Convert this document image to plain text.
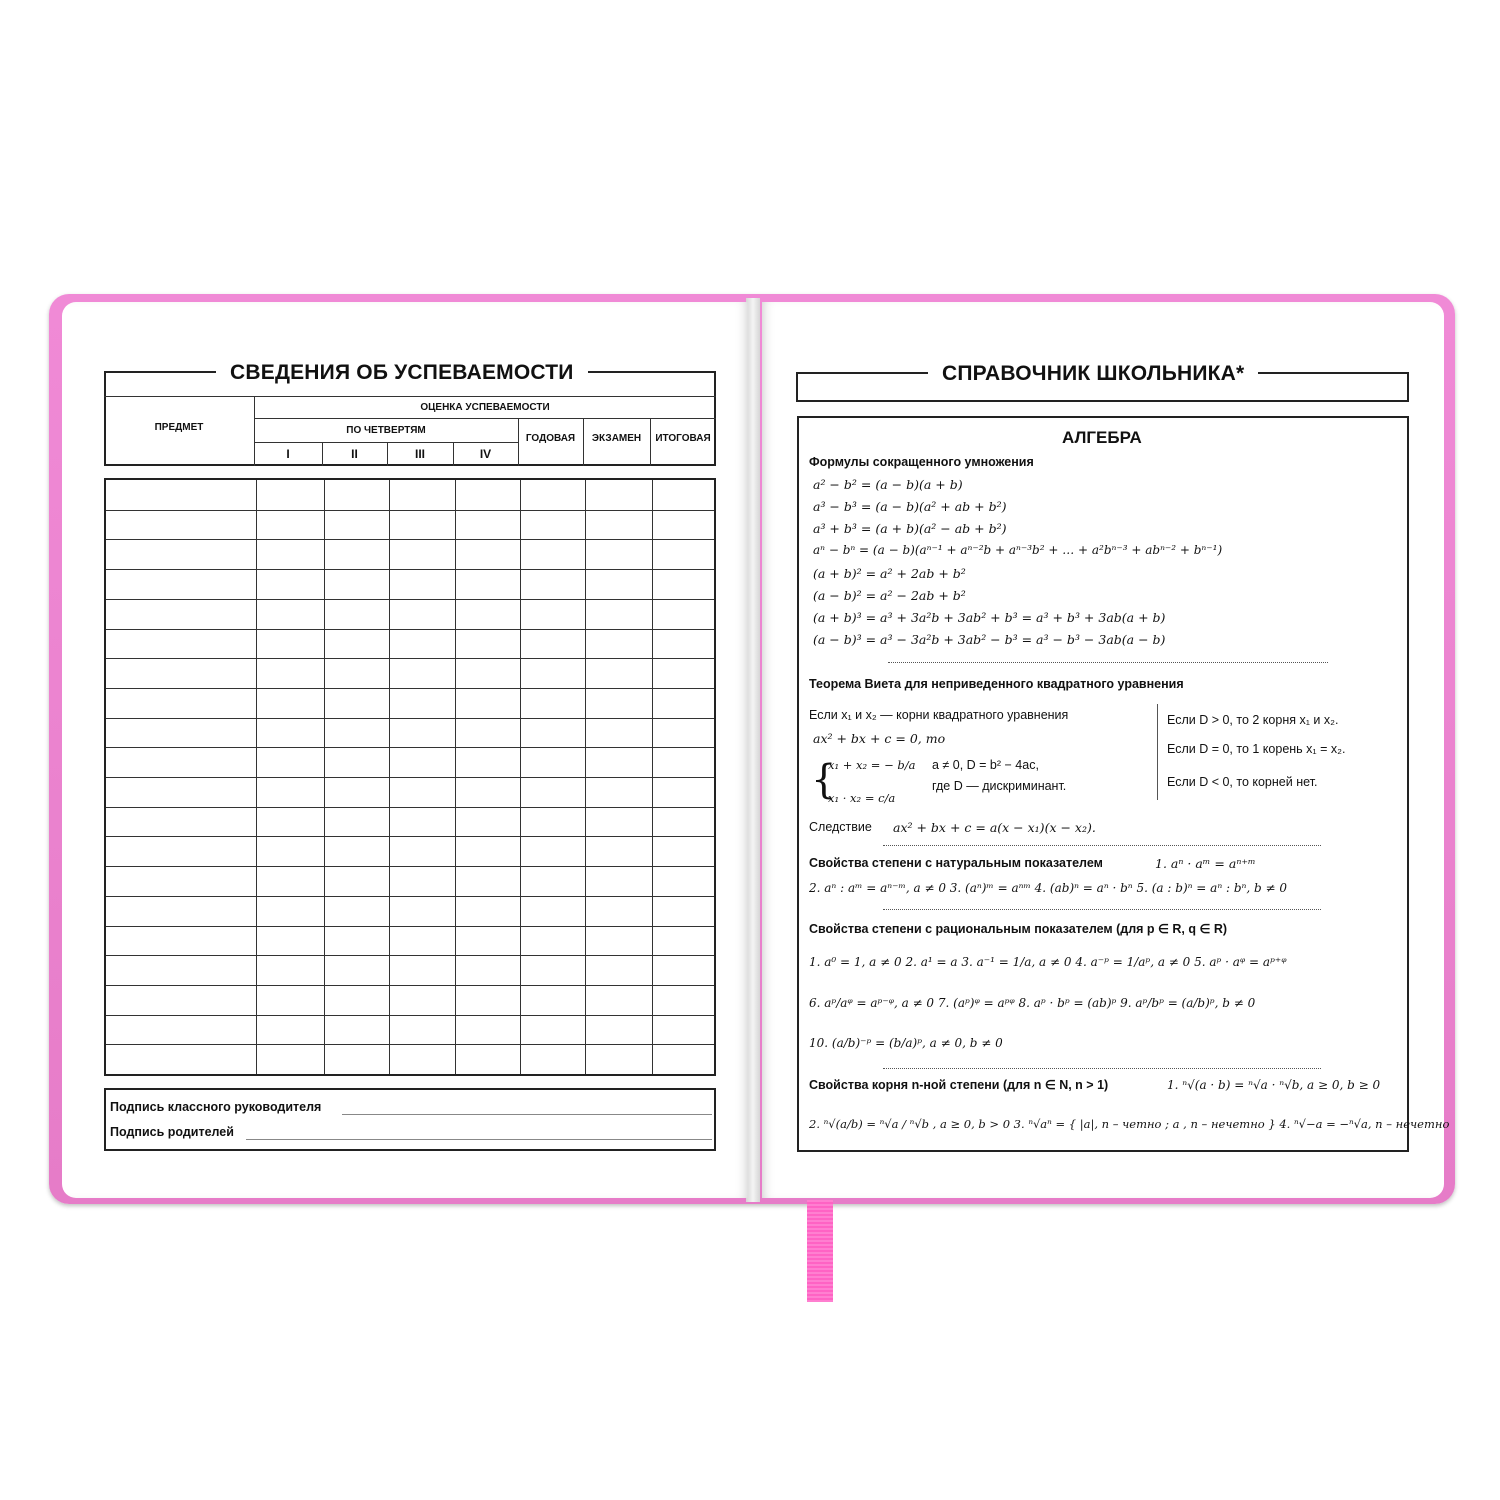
СВЕДЕНИЯ ОБ УСПЕВАЕМОСТИ
ПРЕДМЕТ
ОЦЕНКА УСПЕВАЕМОСТИ
ПО ЧЕТВЕРТЯМ
I	II	III	IV
ГОДОВАЯ	ЭКЗАМЕН	ИТОГОВАЯ
Подпись классного руководителя
Подпись родителей
СПРАВОЧНИК ШКОЛЬНИКА*
АЛГЕБРА
Формулы сокращенного умножения
a² − b² = (a − b)(a + b)
a³ − b³ = (a − b)(a² + ab + b²)
a³ + b³ = (a + b)(a² − ab + b²)
aⁿ − bⁿ = (a − b)(aⁿ⁻¹ + aⁿ⁻²b + aⁿ⁻³b² + … + a²bⁿ⁻³ + abⁿ⁻² + bⁿ⁻¹)
(a + b)² = a² + 2ab + b²
(a − b)² = a² − 2ab + b²
(a + b)³ = a³ + 3a²b + 3ab² + b³ = a³ + b³ + 3ab(a + b)
(a − b)³ = a³ − 3a²b + 3ab² − b³ = a³ − b³ − 3ab(a − b)
Теорема Виета для неприведенного квадратного уравнения
Если x₁ и x₂ — корни квадратного уравнения
ax² + bx + c = 0, то
{
x₁ + x₂ = − b/a
x₁ · x₂ = c/a
a ≠ 0, D = b² − 4ac,
где D — дискриминант.
Если D > 0, то 2 корня x₁ и x₂.
Если D = 0, то 1 корень x₁ = x₂.
Если D < 0, то корней нет.
Следствие ax² + bx + c = a(x − x₁)(x − x₂).
Свойства степени с натуральным показателем	1. aⁿ · aᵐ = aⁿ⁺ᵐ
2. aⁿ : aᵐ = aⁿ⁻ᵐ, a ≠ 0 3. (aⁿ)ᵐ = aⁿᵐ 4. (ab)ⁿ = aⁿ · bⁿ 5. (a : b)ⁿ = aⁿ : bⁿ, b ≠ 0
Свойства степени с рациональным показателем (для p ∈ R, q ∈ R)
1. a⁰ = 1, a ≠ 0 2. a¹ = a 3. a⁻¹ = 1/a, a ≠ 0 4. a⁻ᵖ = 1/aᵖ, a ≠ 0 5. aᵖ · aᵠ = aᵖ⁺ᵠ
6. aᵖ/aᵠ = aᵖ⁻ᵠ, a ≠ 0 7. (aᵖ)ᵠ = aᵖᵠ 8. aᵖ · bᵖ = (ab)ᵖ 9. aᵖ/bᵖ = (a/b)ᵖ, b ≠ 0
10. (a/b)⁻ᵖ = (b/a)ᵖ, a ≠ 0, b ≠ 0
Свойства корня n-ной степени (для n ∈ N, n > 1)	1. ⁿ√(a · b) = ⁿ√a · ⁿ√b, a ≥ 0, b ≥ 0
2. ⁿ√(a/b) = ⁿ√a / ⁿ√b , a ≥ 0, b > 0 3. ⁿ√aⁿ = { |a|, n – четно ; a , n – нечетно } 4. ⁿ√−a = −ⁿ√a, n – нечетно
